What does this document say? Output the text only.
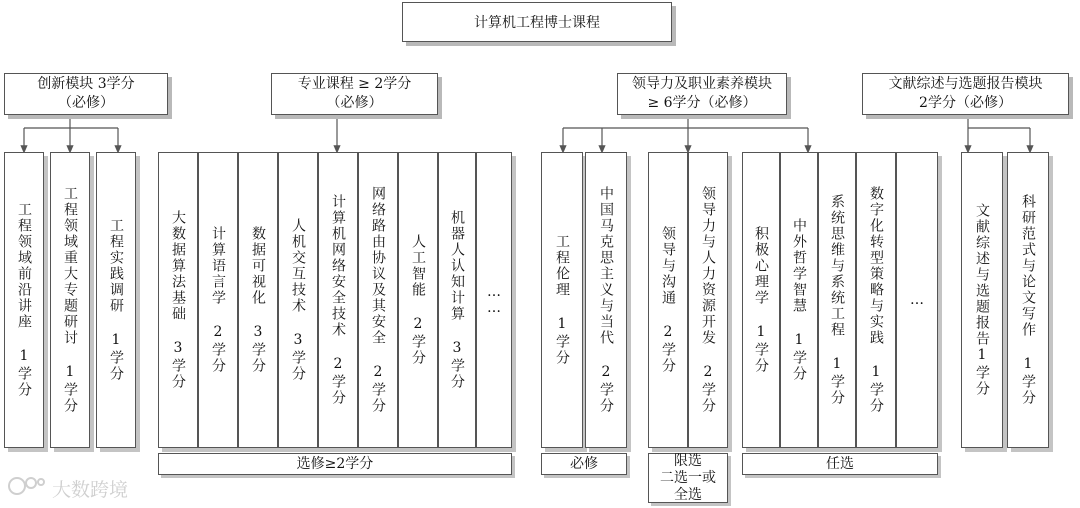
计算机工程博士课程
创新模块 3学分
（必修）
专业课程 ≥ 2学分
（必修）
领导力及职业素养模块
≥ 6学分（必修）
文献综述与选题报告模块
2学分（必修）
工程领域前沿讲座 1学分 工程领域重大专题研讨 1学分 工程实践调研 1学分	大数据算法基础 3学分 计算语言学 2学分 数据可视化 3学分 人机交互技术 3学分 计算机网络安全技术 2学分 网络路由协议及其安全 2学分 人工智能 2学分 机器人认知计算 3学分 ……
选修≥2学分
工程伦理 1学分 中国马克思主义与当代 2学分
必修
领导与沟通 2学分 领导力与人力资源开发 2学分
限选
二选一或
全选
积极心理学 1学分 中外哲学智慧 1学分 系统思维与系统工程 1学分 数字化转型策略与实践 1学分 …
任选
文献综述与选题报告1学分 科研范式与论文写作 1学分
大数跨境
